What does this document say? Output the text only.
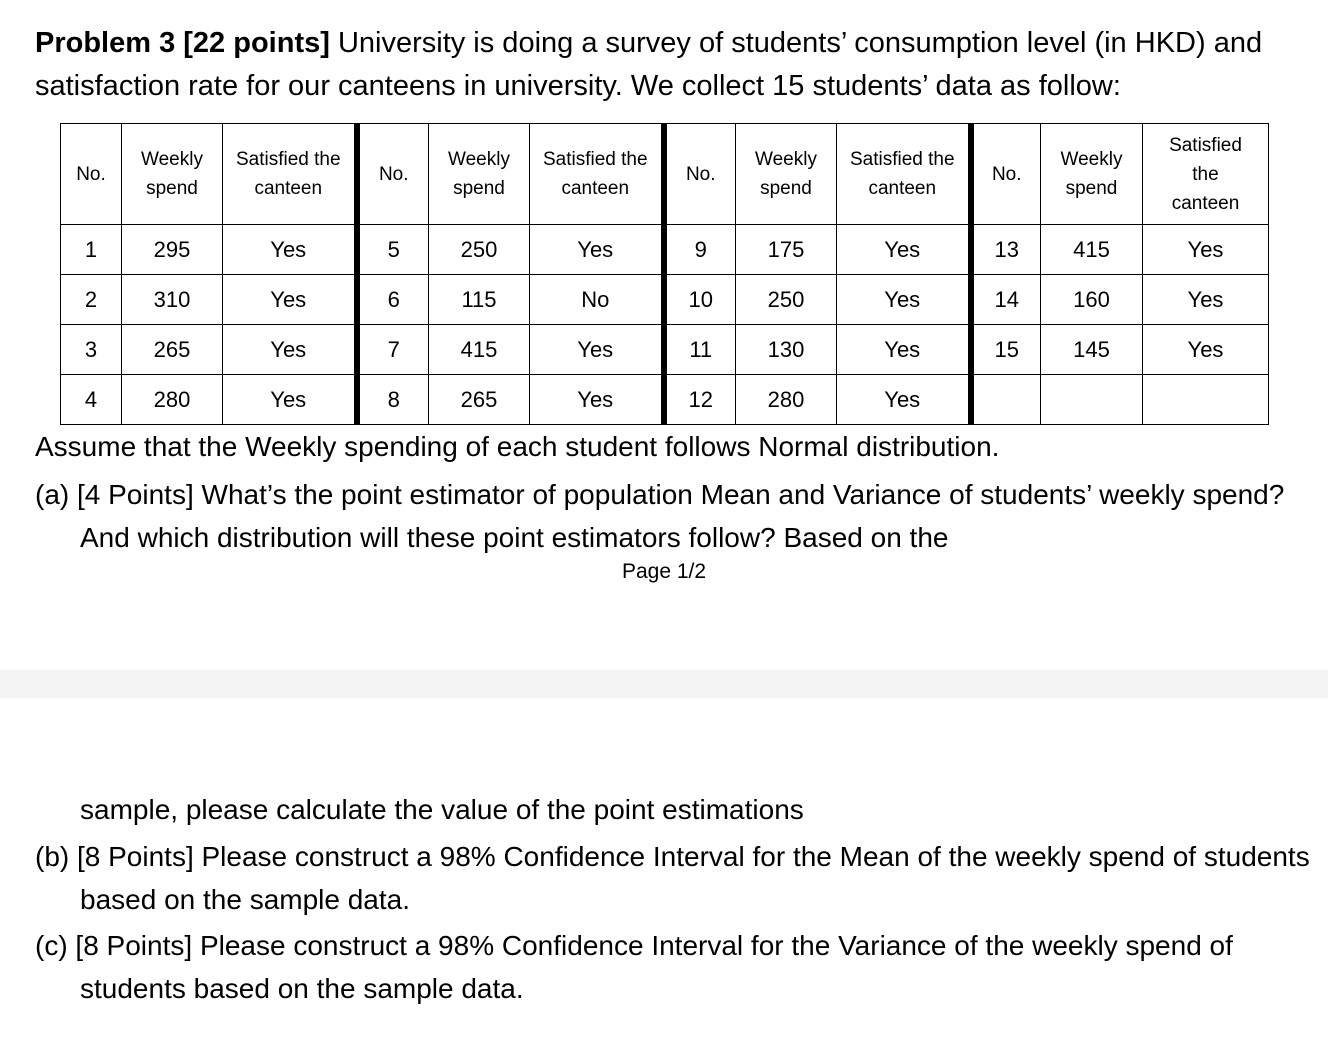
Problem 3 [22 points] University is doing a survey of students’ consumption level (in HKD) and satisfaction rate for our canteens in university. We collect 15 students’ data as follow:
No.	Weekly spend	Satisfied the canteen	No.	Weekly spend	Satisfied the canteen	No.	Weekly spend	Satisfied the canteen	No.	Weekly spend	Satisfied the canteen
1	295	Yes	5	250	Yes	9	175	Yes	13	415	Yes
2	310	Yes	6	115	No	10	250	Yes	14	160	Yes
3	265	Yes	7	415	Yes	11	130	Yes	15	145	Yes
4	280	Yes	8	265	Yes	12	280	Yes			
Assume that the Weekly spending of each student follows Normal distribution.
(a) [4 Points] What’s the point estimator of population Mean and Variance of students’ weekly spend? And which distribution will these point estimators follow? Based on the
Page 1/2
sample, please calculate the value of the point estimations
(b) [8 Points] Please construct a 98% Confidence Interval for the Mean of the weekly spend of students based on the sample data.
(c) [8 Points] Please construct a 98% Confidence Interval for the Variance of the weekly spend of students based on the sample data.
